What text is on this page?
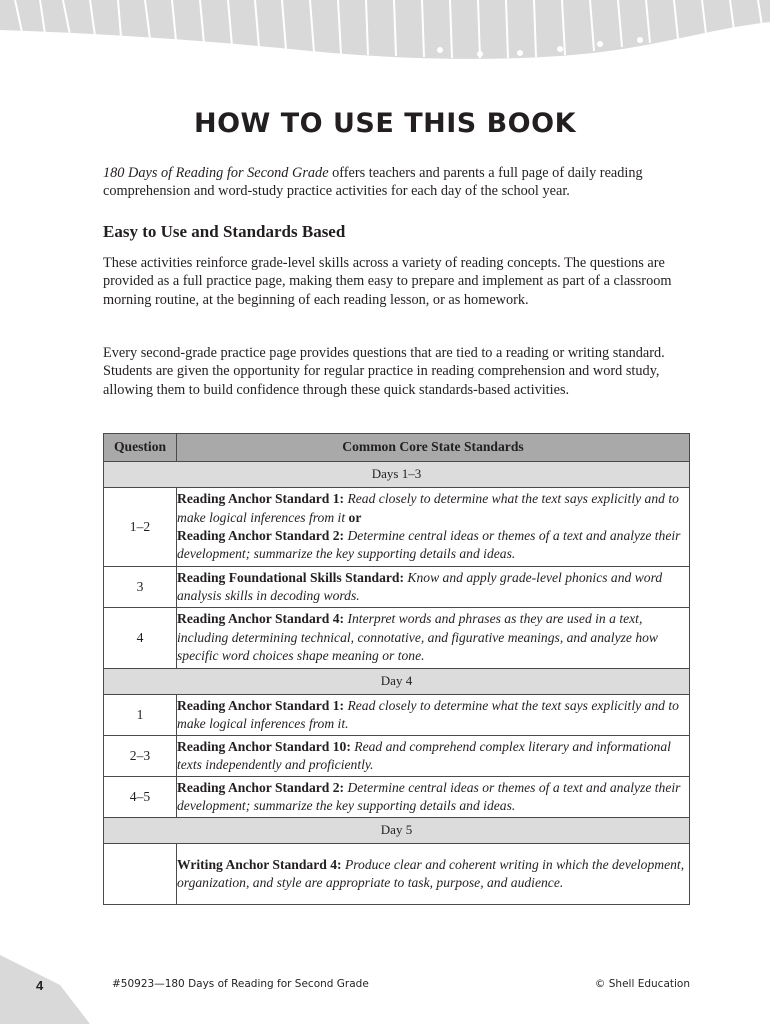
HOW TO USE THIS BOOK

180 Days of Reading for Second Grade offers teachers and parents a full page of daily reading comprehension and word-study practice activities for each day of the school year.

Easy to Use and Standards Based

These activities reinforce grade-level skills across a variety of reading concepts. The questions are provided as a full practice page, making them easy to prepare and implement as part of a classroom morning routine, at the beginning of each reading lesson, or as homework.

Every second-grade practice page provides questions that are tied to a reading or writing standard. Students are given the opportunity for regular practice in reading comprehension and word study, allowing them to build confidence through these quick standards-based activities.

Question	Common Core State Standards
Days 1–3	
1–2	Reading Anchor Standard 1: Read closely to determine what the text says explicitly and to make logical inferences from it or
Reading Anchor Standard 2: Determine central ideas or themes of a text and analyze their development; summarize the key supporting details and ideas.
3	Reading Foundational Skills Standard: Know and apply grade-level phonics and word analysis skills in decoding words.
4	Reading Anchor Standard 4: Interpret words and phrases as they are used in a text, including determining technical, connotative, and figurative meanings, and analyze how specific word choices shape meaning or tone.
Day 4	
1	Reading Anchor Standard 1: Read closely to determine what the text says explicitly and to make logical inferences from it.
2–3	Reading Anchor Standard 10: Read and comprehend complex literary and informational texts independently and proficiently.
4–5	Reading Anchor Standard 2: Determine central ideas or themes of a text and analyze their development; summarize the key supporting details and ideas.
Day 5	
	Writing Anchor Standard 4: Produce clear and coherent writing in which the development, organization, and style are appropriate to task, purpose, and audience.
4	#50923—180 Days of Reading for Second Grade	© Shell Education
